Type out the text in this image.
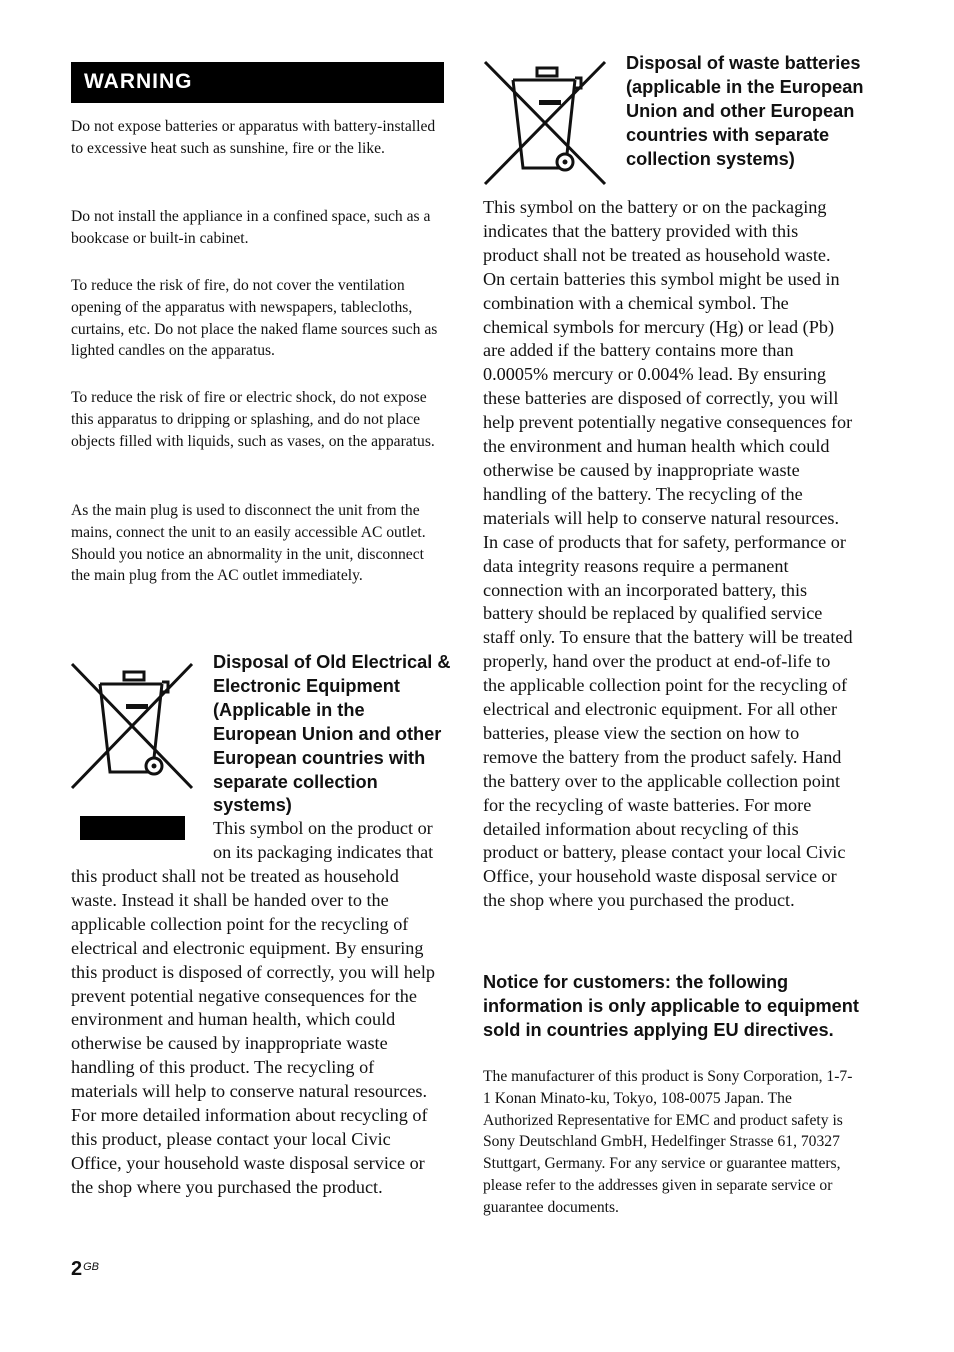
WARNING

Do not expose batteries or apparatus with battery-installed to excessive heat such as sunshine, fire or the like.

Do not install the appliance in a confined space, such as a bookcase or built-in cabinet.

To reduce the risk of fire, do not cover the ventilation opening of the apparatus with newspapers, tablecloths, curtains, etc. Do not place the naked flame sources such as lighted candles on the apparatus.

To reduce the risk of fire or electric shock, do not expose this apparatus to dripping or splashing, and do not place objects filled with liquids, such as vases, on the apparatus.

As the main plug is used to disconnect the unit from the mains, connect the unit to an easily accessible AC outlet. Should you notice an abnormality in the unit, disconnect the main plug from the AC outlet immediately.

Disposal of Old Electrical & Electronic Equipment (Applicable in the European Union and other European countries with separate collection systems)

This symbol on the product or on its packaging indicates that

this product shall not be treated as household waste. Instead it shall be handed over to the applicable collection point for the recycling of electrical and electronic equipment. By ensuring this product is disposed of correctly, you will help prevent potential negative consequences for the environment and human health, which could otherwise be caused by inappropriate waste handling of this product. The recycling of materials will help to conserve natural resources. For more detailed information about recycling of this product, please contact your local Civic Office, your household waste disposal service or the shop where you purchased the product.

Disposal of waste batteries (applicable in the European Union and other European countries with separate collection systems)

This symbol on the battery or on the packaging indicates that the battery provided with this product shall not be treated as household waste. On certain batteries this symbol might be used in combination with a chemical symbol. The chemical symbols for mercury (Hg) or lead (Pb) are added if the battery contains more than 0.0005% mercury or 0.004% lead. By ensuring these batteries are disposed of correctly, you will help prevent potentially negative consequences for the environment and human health which could otherwise be caused by inappropriate waste handling of the battery. The recycling of the materials will help to conserve natural resources. In case of products that for safety, performance or data integrity reasons require a permanent connection with an incorporated battery, this battery should be replaced by qualified service staff only. To ensure that the battery will be treated properly, hand over the product at end-of-life to the applicable collection point for the recycling of electrical and electronic equipment. For all other batteries, please view the section on how to remove the battery from the product safely. Hand the battery over to the applicable collection point for the recycling of waste batteries. For more detailed information about recycling of this product or battery, please contact your local Civic Office, your household waste disposal service or the shop where you purchased the product.

Notice for customers: the following information is only applicable to equipment sold in countries applying EU directives.

The manufacturer of this product is Sony Corporation, 1-7-1 Konan Minato-ku, Tokyo, 108-0075 Japan. The Authorized Representative for EMC and product safety is Sony Deutschland GmbH, Hedelfinger Strasse 61, 70327 Stuttgart, Germany. For any service or guarantee matters, please refer to the addresses given in separate service or guarantee documents.

$2^{GB}$
